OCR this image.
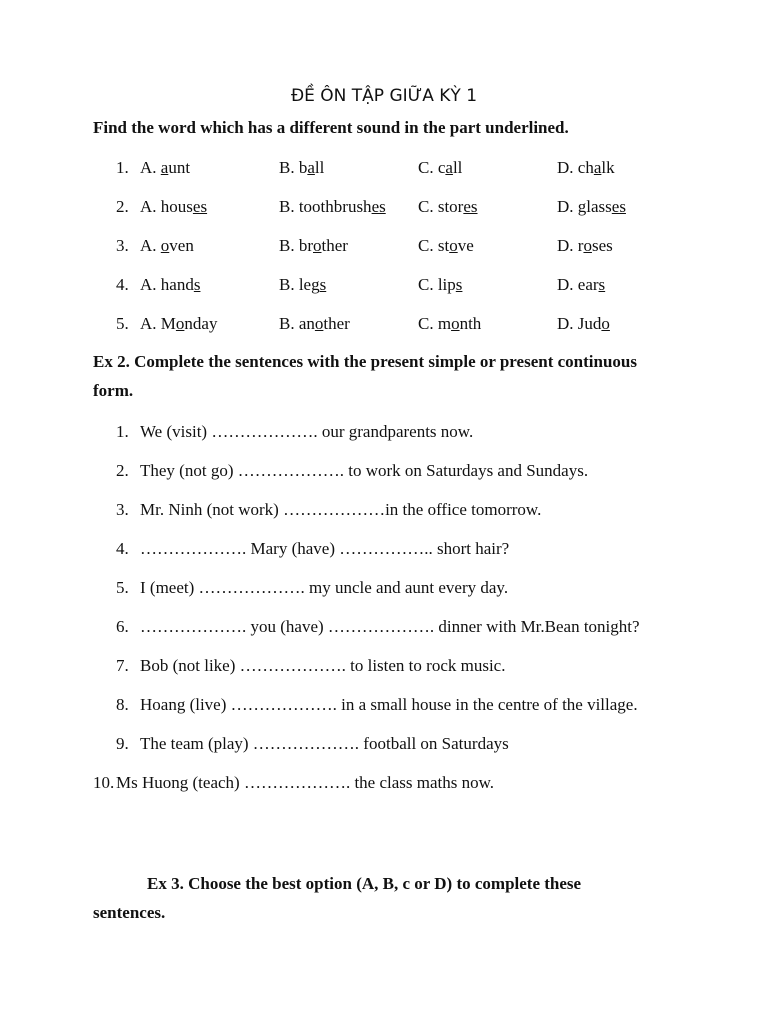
ĐỀ ÔN TẬP GIỮA KỲ 1
Find the word which has a different sound in the part underlined.
1. A. aunt	B. ball	C. call	D. chalk
2. A. houses	B. toothbrushes C. stores	D. glasses
3. A. oven	B. brother	C. stove	D. roses
4. A. hands	B. legs	C. lips	D. ears
5. A. Monday	B. another	C. month	D. Judo
Ex 2. Complete the sentences with the present simple or present continuous
form.
1. We (visit) ………………. our grandparents now.
2. They (not go) ………………. to work on Saturdays and Sundays.
3. Mr. Ninh (not work) ………………in the office tomorrow.
4. ………………. Mary (have) …………….. short hair?
5. I (meet) ………………. my uncle and aunt every day.
6. ………………. you (have) ………………. dinner with Mr.Bean tonight?
7. Bob (not like) ………………. to listen to rock music.
8. Hoang (live) ………………. in a small house in the centre of the village.
9. The team (play) ………………. football on Saturdays
10. Ms Huong (teach) ………………. the class maths now.
Ex 3. Choose the best option (A, B, c or D) to complete these
sentences.
